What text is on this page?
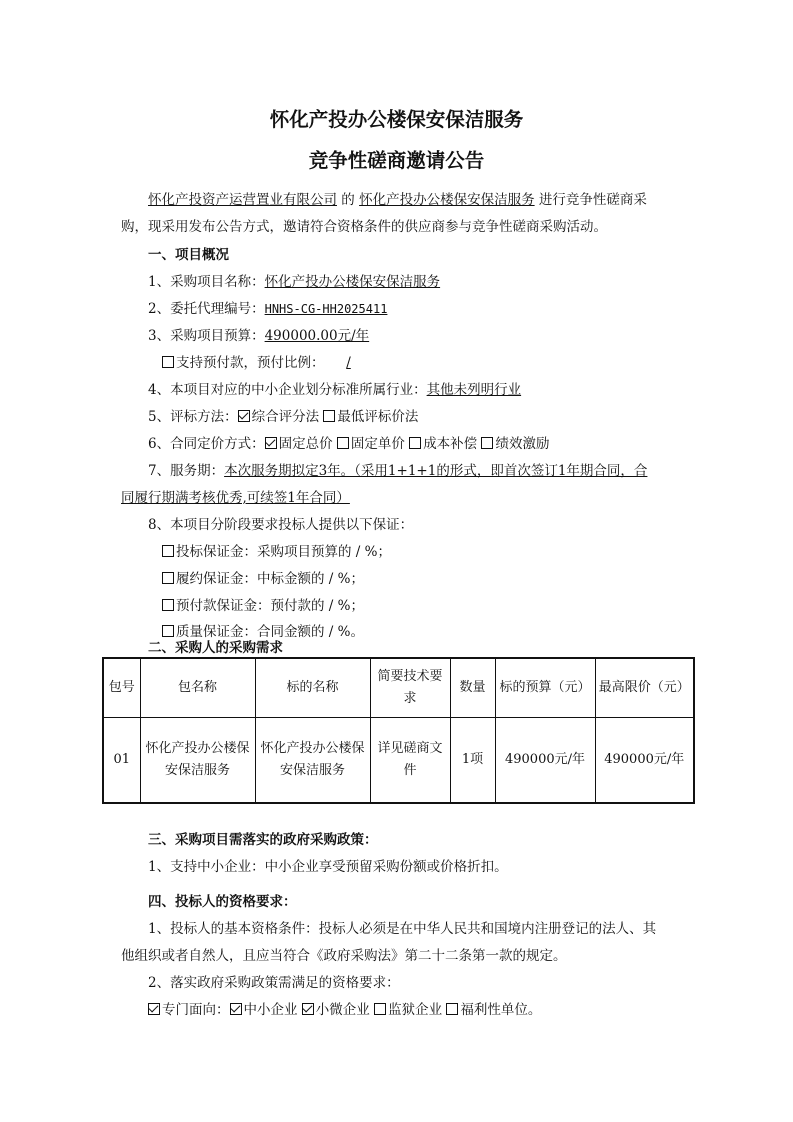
怀化产投办公楼保安保洁服务
竞争性磋商邀请公告
怀化产投资产运营置业有限公司 的 怀化产投办公楼保安保洁服务 进行竞争性磋商采
购，现采用发布公告方式，邀请符合资格条件的供应商参与竞争性磋商采购活动。
一、项目概况
1、采购项目名称：怀化产投办公楼保安保洁服务
2、委托代理编号：HNHS-CG-HH2025411
3、采购项目预算：490000.00元/年
支持预付款，预付比例： /
4、本项目对应的中小企业划分标准所属行业：其他未列明行业
5、评标方法： 综合评分法 最低评标价法
6、合同定价方式： 固定总价 固定单价 成本补偿 绩效激励
7、服务期：本次服务期拟定3年。（采用1+1+1的形式，即首次签订1年期合同，合
同履行期满考核优秀,可续签1年合同）
8、本项目分阶段要求投标人提供以下保证：
投标保证金：采购项目预算的 / %；
履约保证金：中标金额的 / %；
预付款保证金：预付款的 / %；
质量保证金：合同金额的 / %。
二、采购人的采购需求
包号	包名称	标的名称	简要技术要求	数量	标的预算（元）	最高限价（元）
01	怀化产投办公楼保安保洁服务	怀化产投办公楼保安保洁服务	详见磋商文件	1项	490000元/年	490000元/年
三、采购项目需落实的政府采购政策：
1、支持中小企业：中小企业享受预留采购份额或价格折扣。
四、投标人的资格要求：
1、投标人的基本资格条件：投标人必须是在中华人民共和国境内注册登记的法人、其
他组织或者自然人，且应当符合《政府采购法》第二十二条第一款的规定。
2、落实政府采购政策需满足的资格要求：
专门面向： 中小企业 小微企业 监狱企业 福利性单位。
